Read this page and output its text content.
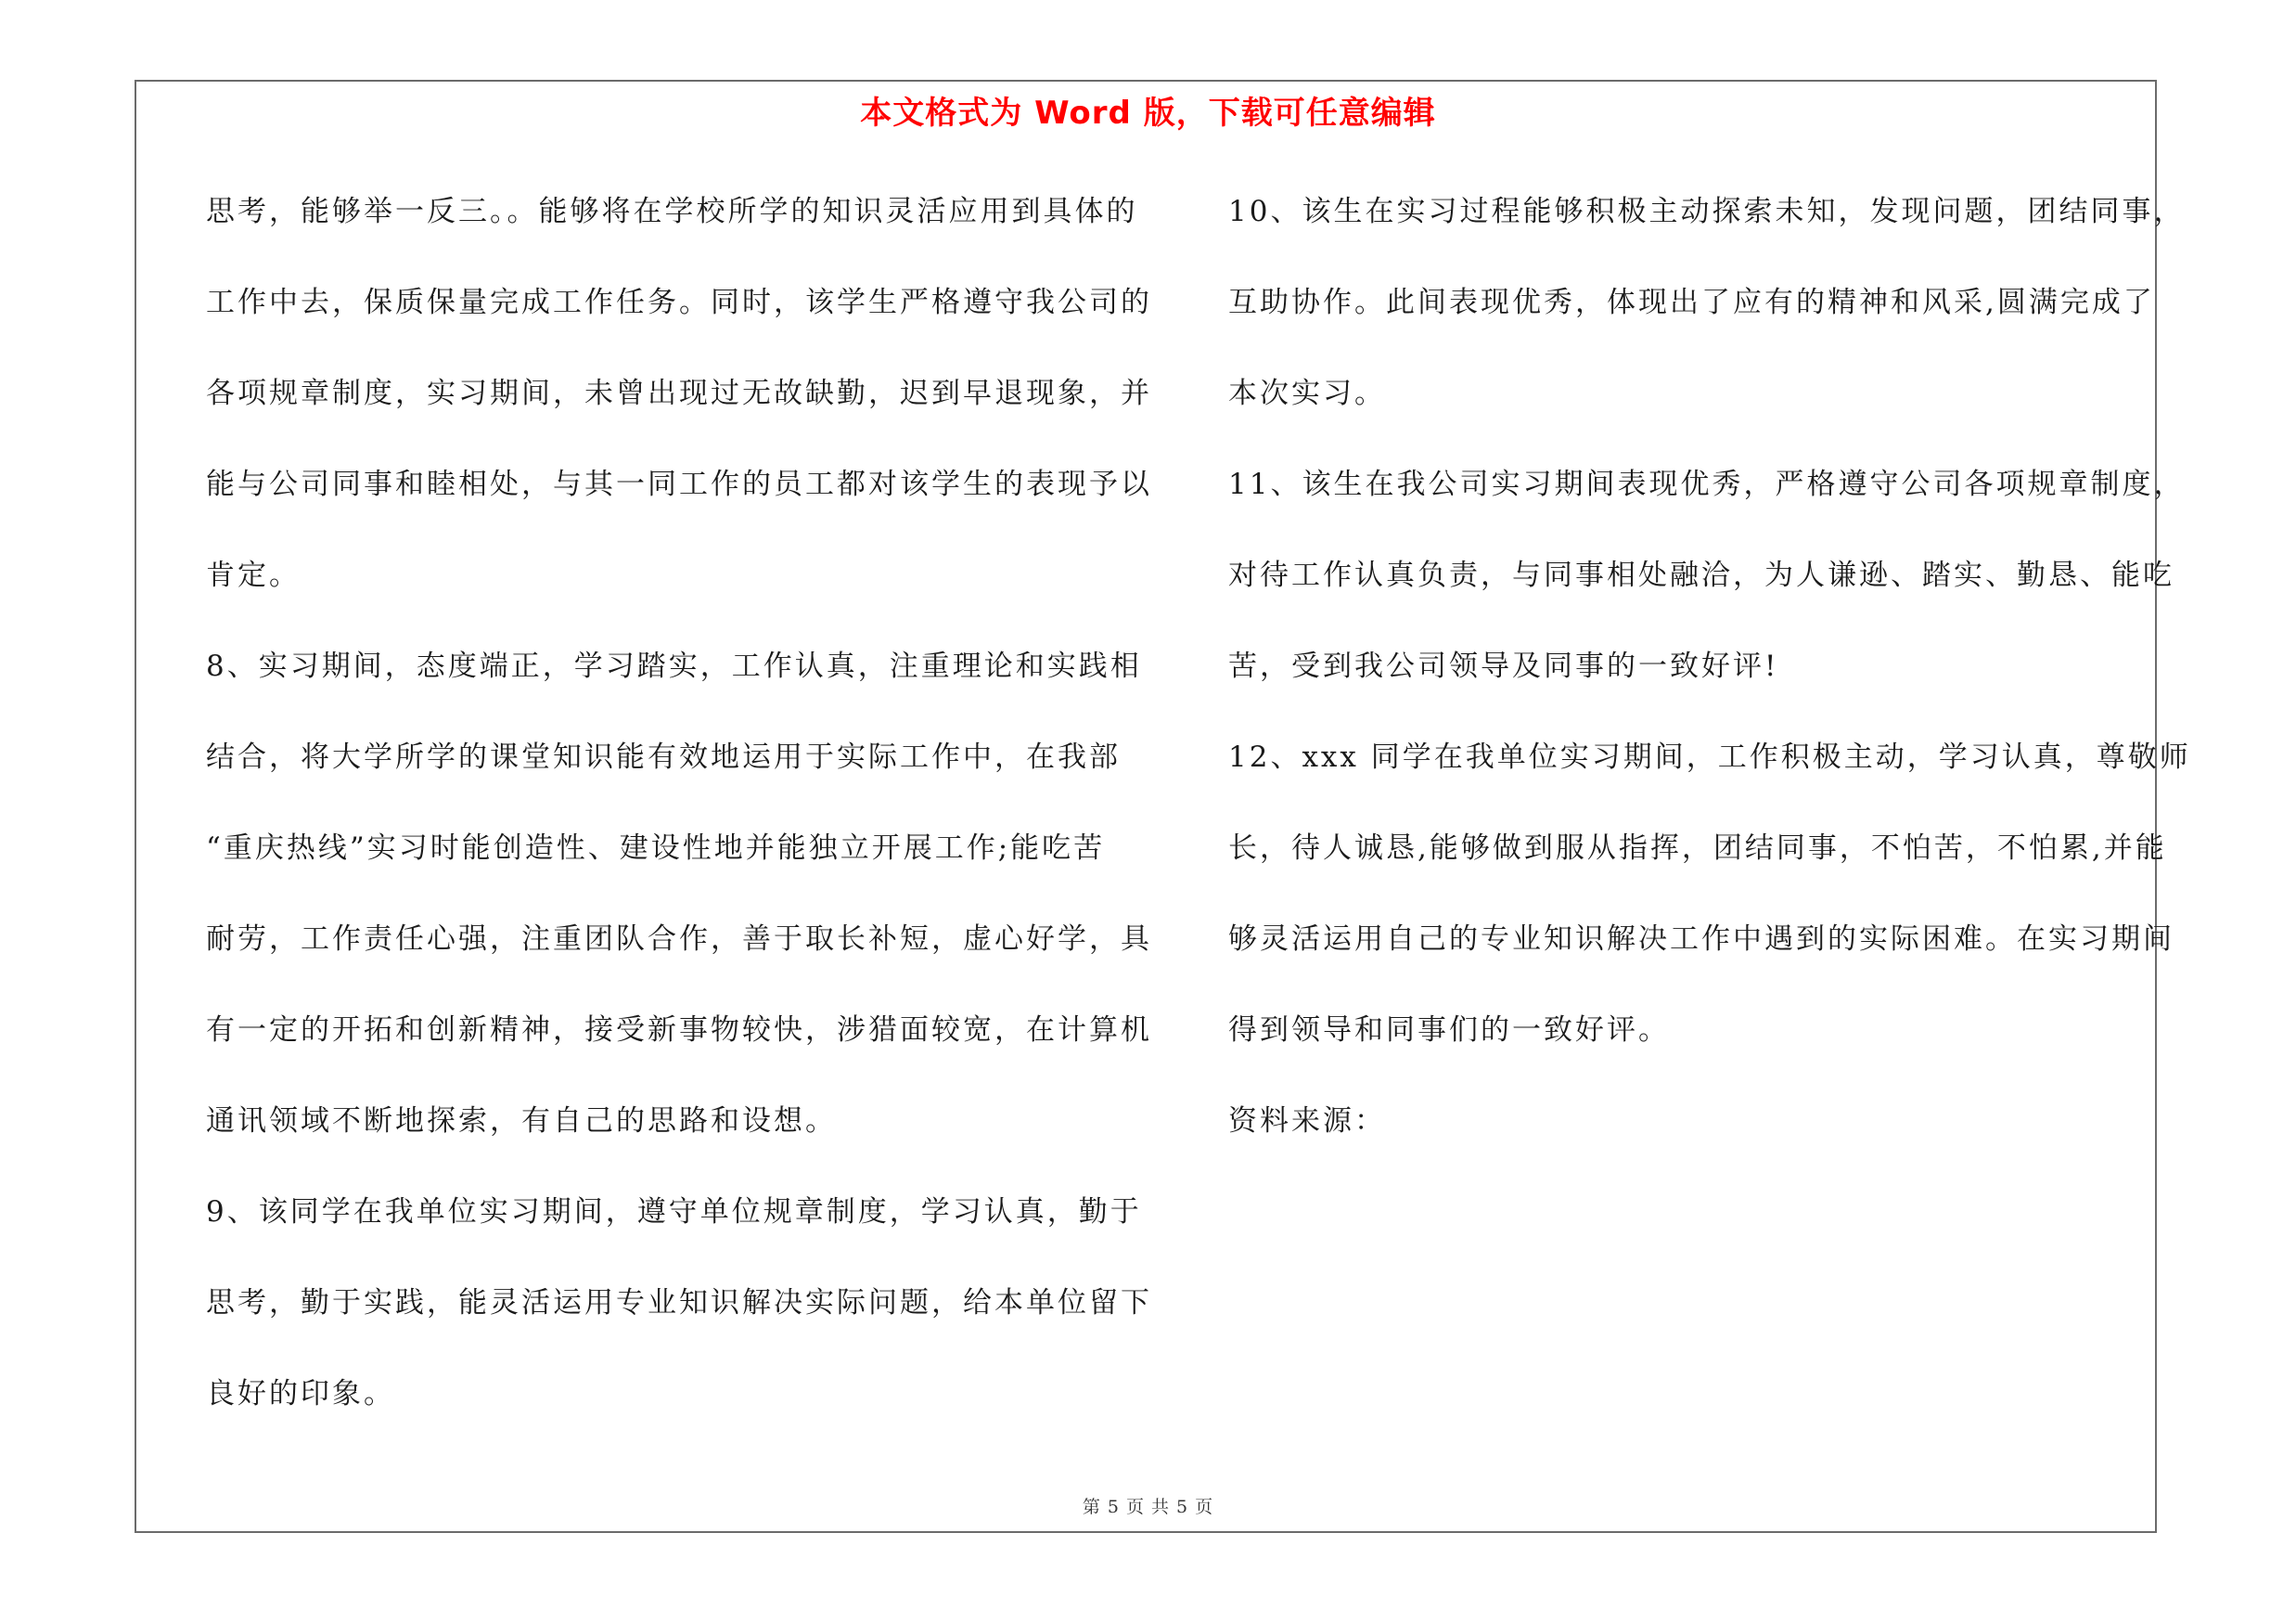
本文格式为 Word 版，下载可任意编辑
思考，能够举一反三。。能够将在学校所学的知识灵活应用到具体的
工作中去，保质保量完成工作任务。同时，该学生严格遵守我公司的
各项规章制度，实习期间，未曾出现过无故缺勤，迟到早退现象，并
能与公司同事和睦相处，与其一同工作的员工都对该学生的表现予以
肯定。
8、实习期间，态度端正，学习踏实，工作认真，注重理论和实践相
结合，将大学所学的课堂知识能有效地运用于实际工作中，在我部
“重庆热线”实习时能创造性、建设性地并能独立开展工作;能吃苦
耐劳，工作责任心强，注重团队合作，善于取长补短，虚心好学，具
有一定的开拓和创新精神，接受新事物较快，涉猎面较宽，在计算机
通讯领域不断地探索，有自己的思路和设想。
9、该同学在我单位实习期间，遵守单位规章制度，学习认真，勤于
思考，勤于实践，能灵活运用专业知识解决实际问题，给本单位留下
良好的印象。
10、该生在实习过程能够积极主动探索未知，发现问题，团结同事，
互助协作。此间表现优秀，体现出了应有的精神和风采,圆满完成了
本次实习。
11、该生在我公司实习期间表现优秀，严格遵守公司各项规章制度，
对待工作认真负责，与同事相处融洽，为人谦逊、踏实、勤恳、能吃
苦，受到我公司领导及同事的一致好评!
12、xxx 同学在我单位实习期间，工作积极主动，学习认真，尊敬师
长，待人诚恳,能够做到服从指挥，团结同事，不怕苦，不怕累,并能
够灵活运用自己的专业知识解决工作中遇到的实际困难。在实习期间
得到领导和同事们的一致好评。
资料来源：
第 5 页 共 5 页
